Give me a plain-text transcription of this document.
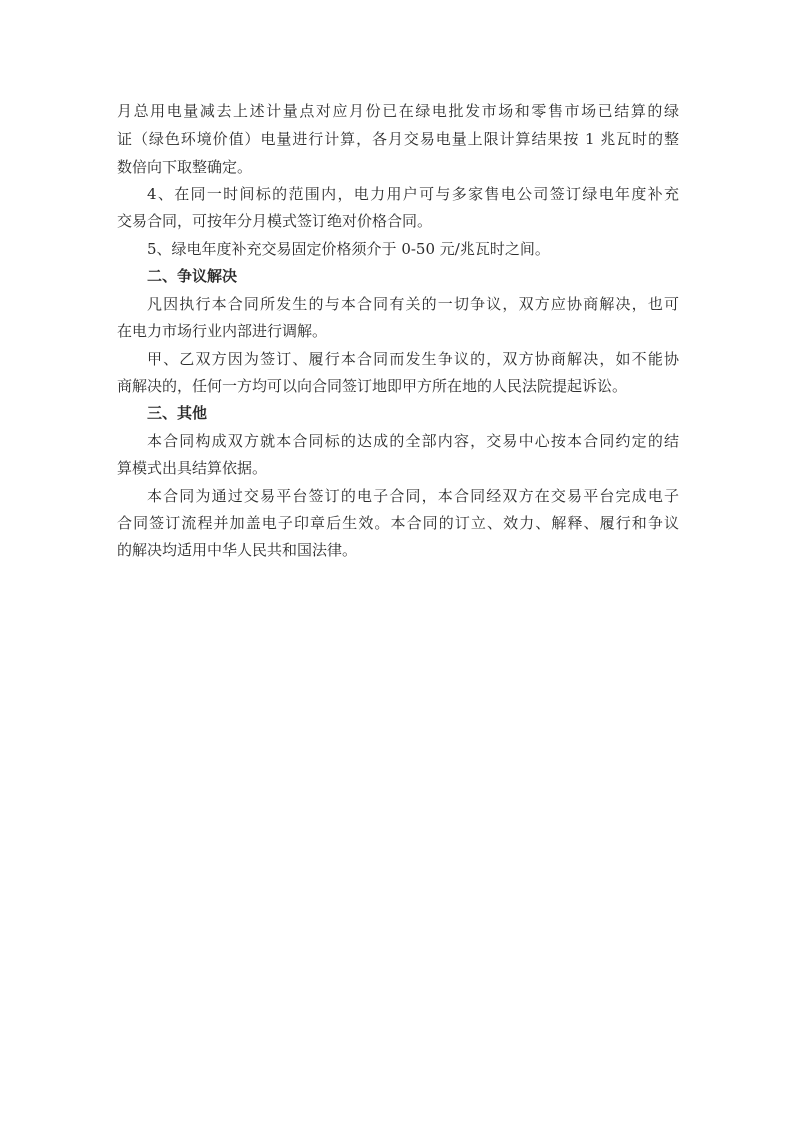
月总用电量减去上述计量点对应月份已在绿电批发市场和零售市场已结算的绿
证（绿色环境价值）电量进行计算，各月交易电量上限计算结果按 1 兆瓦时的整
数倍向下取整确定。
4、在同一时间标的范围内，电力用户可与多家售电公司签订绿电年度补充
交易合同，可按年分月模式签订绝对价格合同。
5、绿电年度补充交易固定价格须介于 0-50 元/兆瓦时之间。
二、争议解决
凡因执行本合同所发生的与本合同有关的一切争议，双方应协商解决，也可
在电力市场行业内部进行调解。
甲、乙双方因为签订、履行本合同而发生争议的，双方协商解决，如不能协
商解决的，任何一方均可以向合同签订地即甲方所在地的人民法院提起诉讼。
三、其他
本合同构成双方就本合同标的达成的全部内容，交易中心按本合同约定的结
算模式出具结算依据。
本合同为通过交易平台签订的电子合同，本合同经双方在交易平台完成电子
合同签订流程并加盖电子印章后生效。本合同的订立、效力、解释、履行和争议
的解决均适用中华人民共和国法律。
